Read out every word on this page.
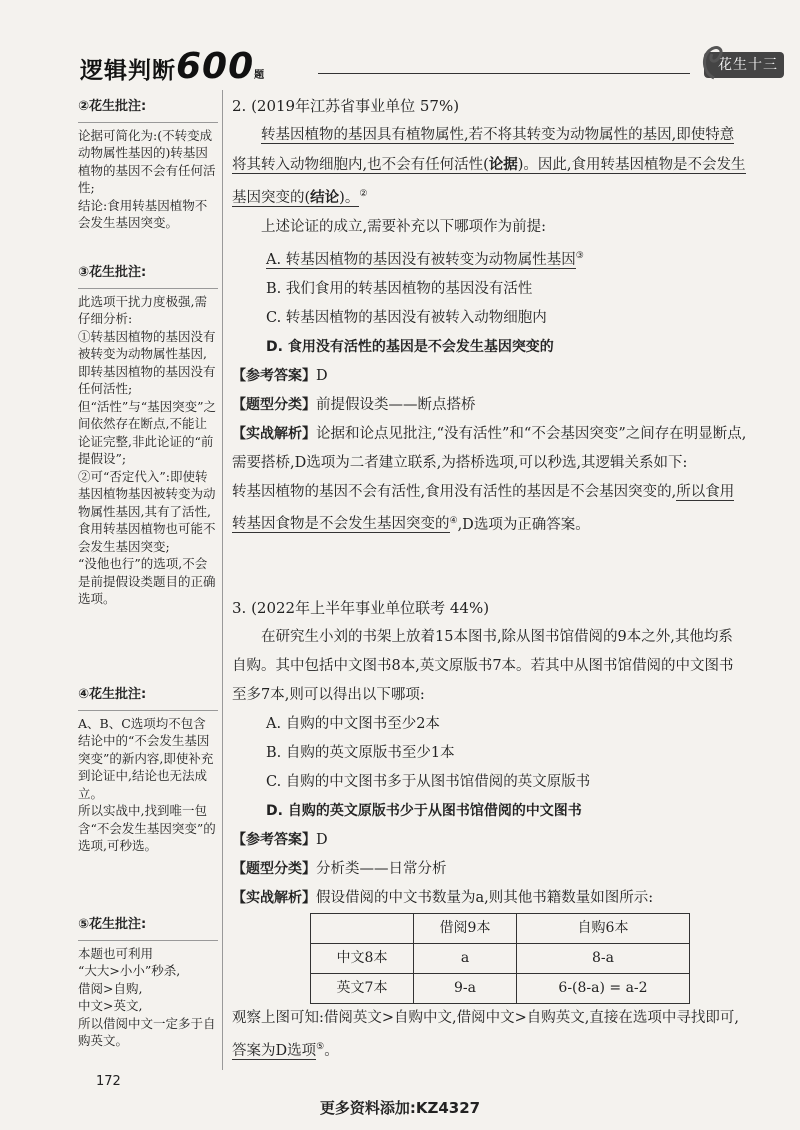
逻辑判断600题
花生十三
②花生批注:
论据可简化为:(不转变成动物属性基因的)转基因植物的基因不会有任何活性;
结论:食用转基因植物不会发生基因突变。
③花生批注:
此选项干扰力度极强,需仔细分析:
①转基因植物的基因没有被转变为动物属性基因,即转基因植物的基因没有任何活性;
但“活性”与“基因突变”之间依然存在断点,不能让论证完整,非此论证的“前提假设”;
②可“否定代入”:即使转基因植物基因被转变为动物属性基因,其有了活性,食用转基因植物也可能不会发生基因突变;
“没他也行”的选项,不会是前提假设类题目的正确选项。
④花生批注:
A、B、C选项均不包含结论中的“不会发生基因突变”的新内容,即使补充到论证中,结论也无法成立。
所以实战中,找到唯一包含“不会发生基因突变”的选项,可秒选。
⑤花生批注:
本题也可利用
“大大>小小”秒杀,
借阅>自购,
中文>英文,
所以借阅中文一定多于自购英文。
2. (2019年江苏省事业单位 57%)
转基因植物的基因具有植物属性,若不将其转变为动物属性的基因,即使特意将其转入动物细胞内,也不会有任何活性(论据)。因此,食用转基因植物是不会发生基因突变的(结论)。②
上述论证的成立,需要补充以下哪项作为前提:
A. 转基因植物的基因没有被转变为动物属性基因③
B. 我们食用的转基因植物的基因没有活性
C. 转基因植物的基因没有被转入动物细胞内
D. 食用没有活性的基因是不会发生基因突变的
【参考答案】D
【题型分类】前提假设类——断点搭桥
【实战解析】论据和论点见批注,“没有活性”和“不会基因突变”之间存在明显断点,需要搭桥,D选项为二者建立联系,为搭桥选项,可以秒选,其逻辑关系如下:
转基因植物的基因不会有活性,食用没有活性的基因是不会基因突变的,所以食用转基因食物是不会发生基因突变的④,D选项为正确答案。
3. (2022年上半年事业单位联考 44%)
在研究生小刘的书架上放着15本图书,除从图书馆借阅的9本之外,其他均系自购。其中包括中文图书8本,英文原版书7本。若其中从图书馆借阅的中文图书至多7本,则可以得出以下哪项:
A. 自购的中文图书至少2本
B. 自购的英文原版书至少1本
C. 自购的中文图书多于从图书馆借阅的英文原版书
D. 自购的英文原版书少于从图书馆借阅的中文图书
【参考答案】D
【题型分类】分析类——日常分析
【实战解析】假设借阅的中文书数量为a,则其他书籍数量如图所示:
	借阅9本	自购6本
中文8本	a	8-a
英文7本	9-a	6-(8-a) = a-2
观察上图可知:借阅英文>自购中文,借阅中文>自购英文,直接在选项中寻找即可,答案为D选项⑤。
172
更多资料添加:KZ4327
